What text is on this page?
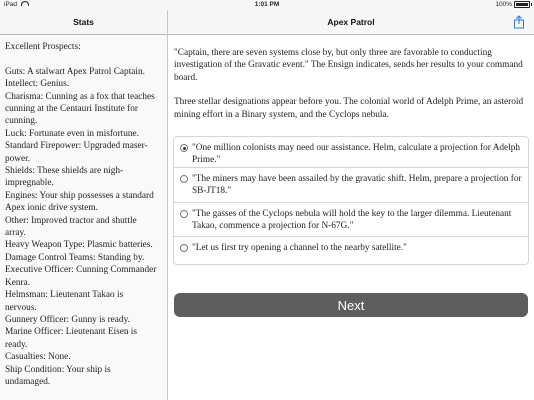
iPad	1:01 PM	100%
Stats
Excellent Prospects:
Guts: A stalwart Apex Patrol Captain.
Intellect: Genius.
Charisma: Cunning as a fox that teaches
cunning at the Centauri Institute for
cunning.
Luck: Fortunate even in misfortune.
Standard Firepower: Upgraded maser-
power.
Shields: These shields are nigh-
impregnable.
Engines: Your ship possesses a standard
Apex ionic drive system.
Other: Improved tractor and shuttle
array.
Heavy Weapon Type: Plasmic batteries.
Damage Control Teams: Standing by.
Executive Officer: Cunning Commander
Kenra.
Helmsman: Lieutenant Takao is
nervous.
Gunnery Officer: Gunny is ready.
Marine Officer: Lieutenant Eisen is
ready.
Casualties: None.
Ship Condition: Your ship is
undamaged.
Apex Patrol

"Captain, there are seven systems close by, but only three are favorable to conducting investigation of the Gravatic event." The Ensign indicates, sends her results to your command board.

Three stellar designations appear before you. The colonial world of Adelph Prime, an asteroid mining effort in a Binary system, and the Cyclops nebula.

"One million colonists may need our assistance. Helm, calculate a projection for Adelph Prime."
"The miners may have been assailed by the gravatic shift. Helm, prepare a projection for SB-JT18."
"The gasses of the Cyclops nebula will hold the key to the larger dilemma. Lieutenant Takao, commence a projection for N-67G."
"Let us first try opening a channel to the nearby satellite."
Next
